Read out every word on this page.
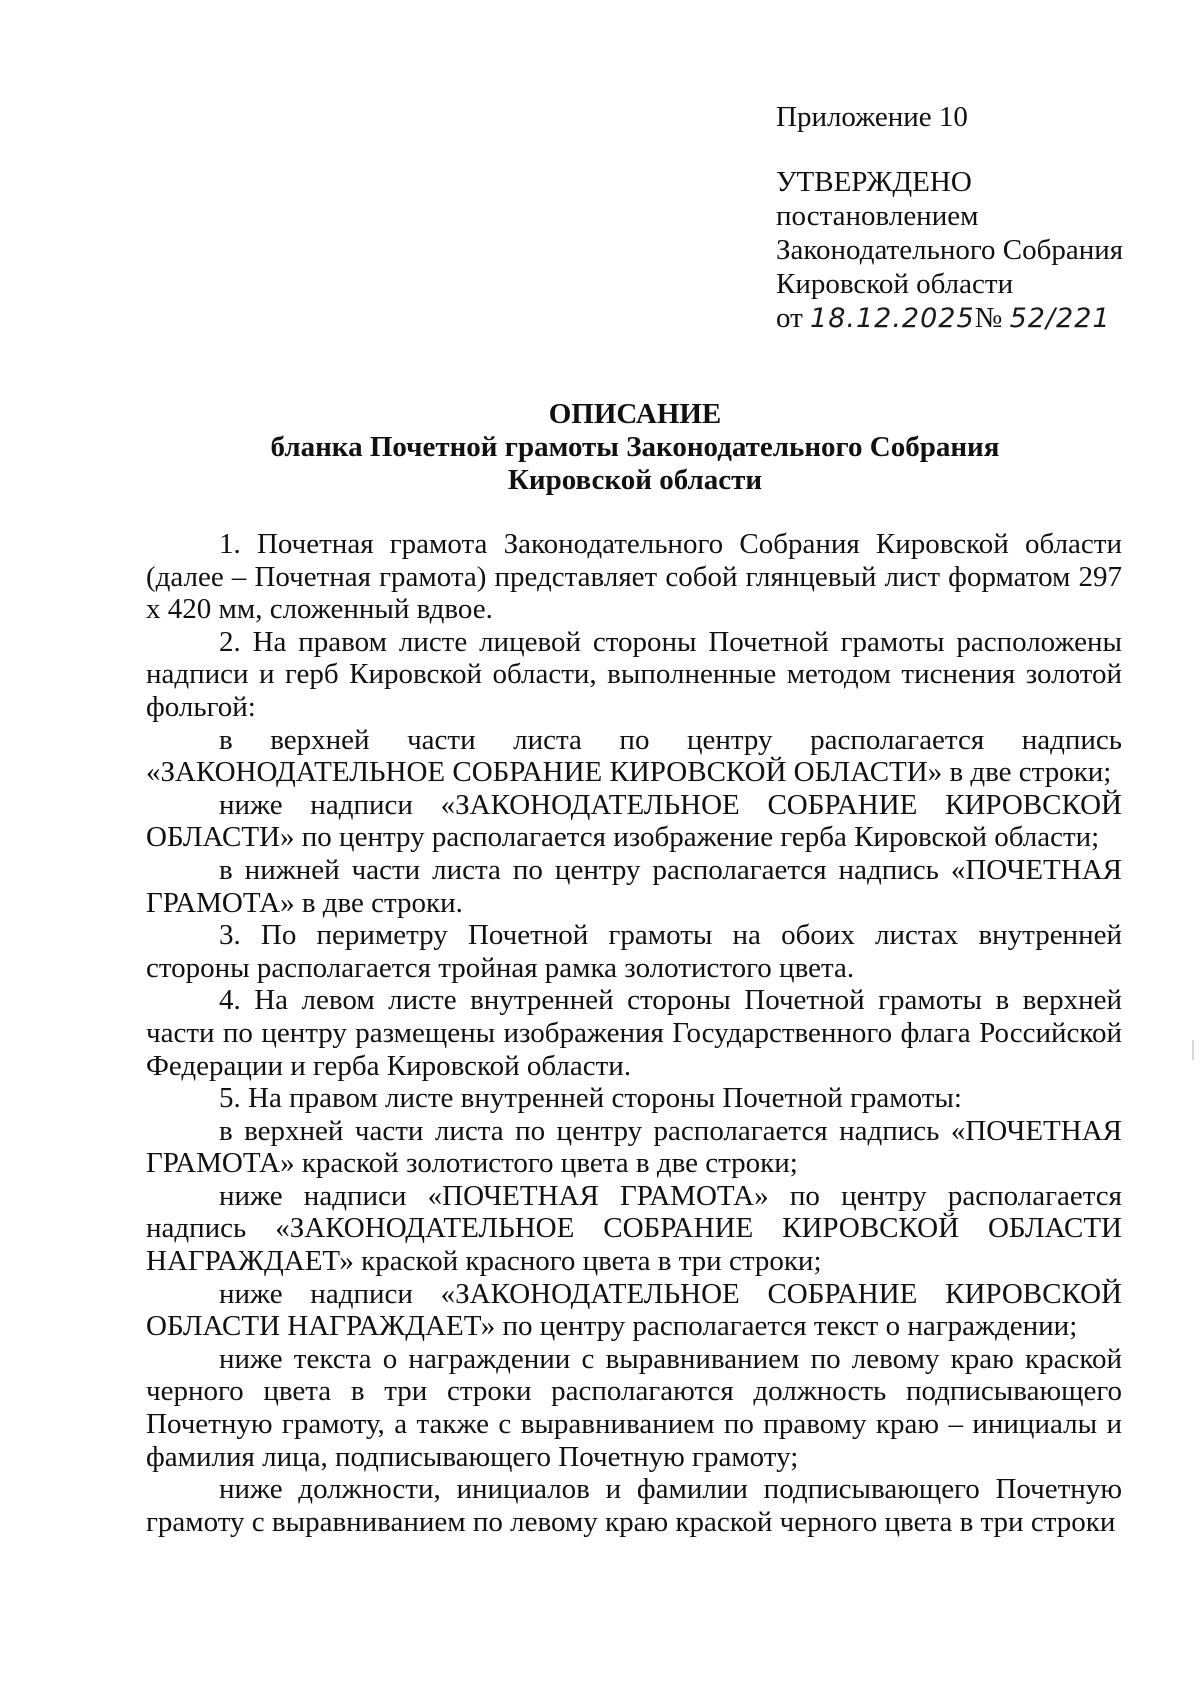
Приложение 10
УТВЕРЖДЕНО
постановлением
Законодательного Собрания
Кировской области
от 18.12.2025№ 52/221
ОПИСАНИЕ
бланка Почетной грамоты Законодательного Собрания
Кировской области

1. Почетная грамота Законодательного Собрания Кировской области (далее – Почетная грамота) представляет собой глянцевый лист форматом 297 x 420 мм, сложенный вдвое.

2. На правом листе лицевой стороны Почетной грамоты расположены надписи и герб Кировской области, выполненные методом тиснения золотой фольгой:

в верхней части листа по центру располагается надпись «ЗАКОНОДАТЕЛЬНОЕ СОБРАНИЕ КИРОВСКОЙ ОБЛАСТИ» в две строки;

ниже надписи «ЗАКОНОДАТЕЛЬНОЕ СОБРАНИЕ КИРОВСКОЙ ОБЛАСТИ» по центру располагается изображение герба Кировской области;

в нижней части листа по центру располагается надпись «ПОЧЕТНАЯ ГРАМОТА» в две строки.

3. По периметру Почетной грамоты на обоих листах внутренней стороны располагается тройная рамка золотистого цвета.

4. На левом листе внутренней стороны Почетной грамоты в верхней части по центру размещены изображения Государственного флага Российской Федерации и герба Кировской области.

5. На правом листе внутренней стороны Почетной грамоты:

в верхней части листа по центру располагается надпись «ПОЧЕТНАЯ ГРАМОТА» краской золотистого цвета в две строки;

ниже надписи «ПОЧЕТНАЯ ГРАМОТА» по центру располагается надпись «ЗАКОНОДАТЕЛЬНОЕ СОБРАНИЕ КИРОВСКОЙ ОБЛАСТИ НАГРАЖДАЕТ» краской красного цвета в три строки;

ниже надписи «ЗАКОНОДАТЕЛЬНОЕ СОБРАНИЕ КИРОВСКОЙ ОБЛАСТИ НАГРАЖДАЕТ» по центру располагается текст о награждении;

ниже текста о награждении с выравниванием по левому краю краской черного цвета в три строки располагаются должность подписывающего Почетную грамоту, а также с выравниванием по правому краю – инициалы и фамилия лица, подписывающего Почетную грамоту;

ниже должности, инициалов и фамилии подписывающего Почетную грамоту с выравниванием по левому краю краской черного цвета в три строки
